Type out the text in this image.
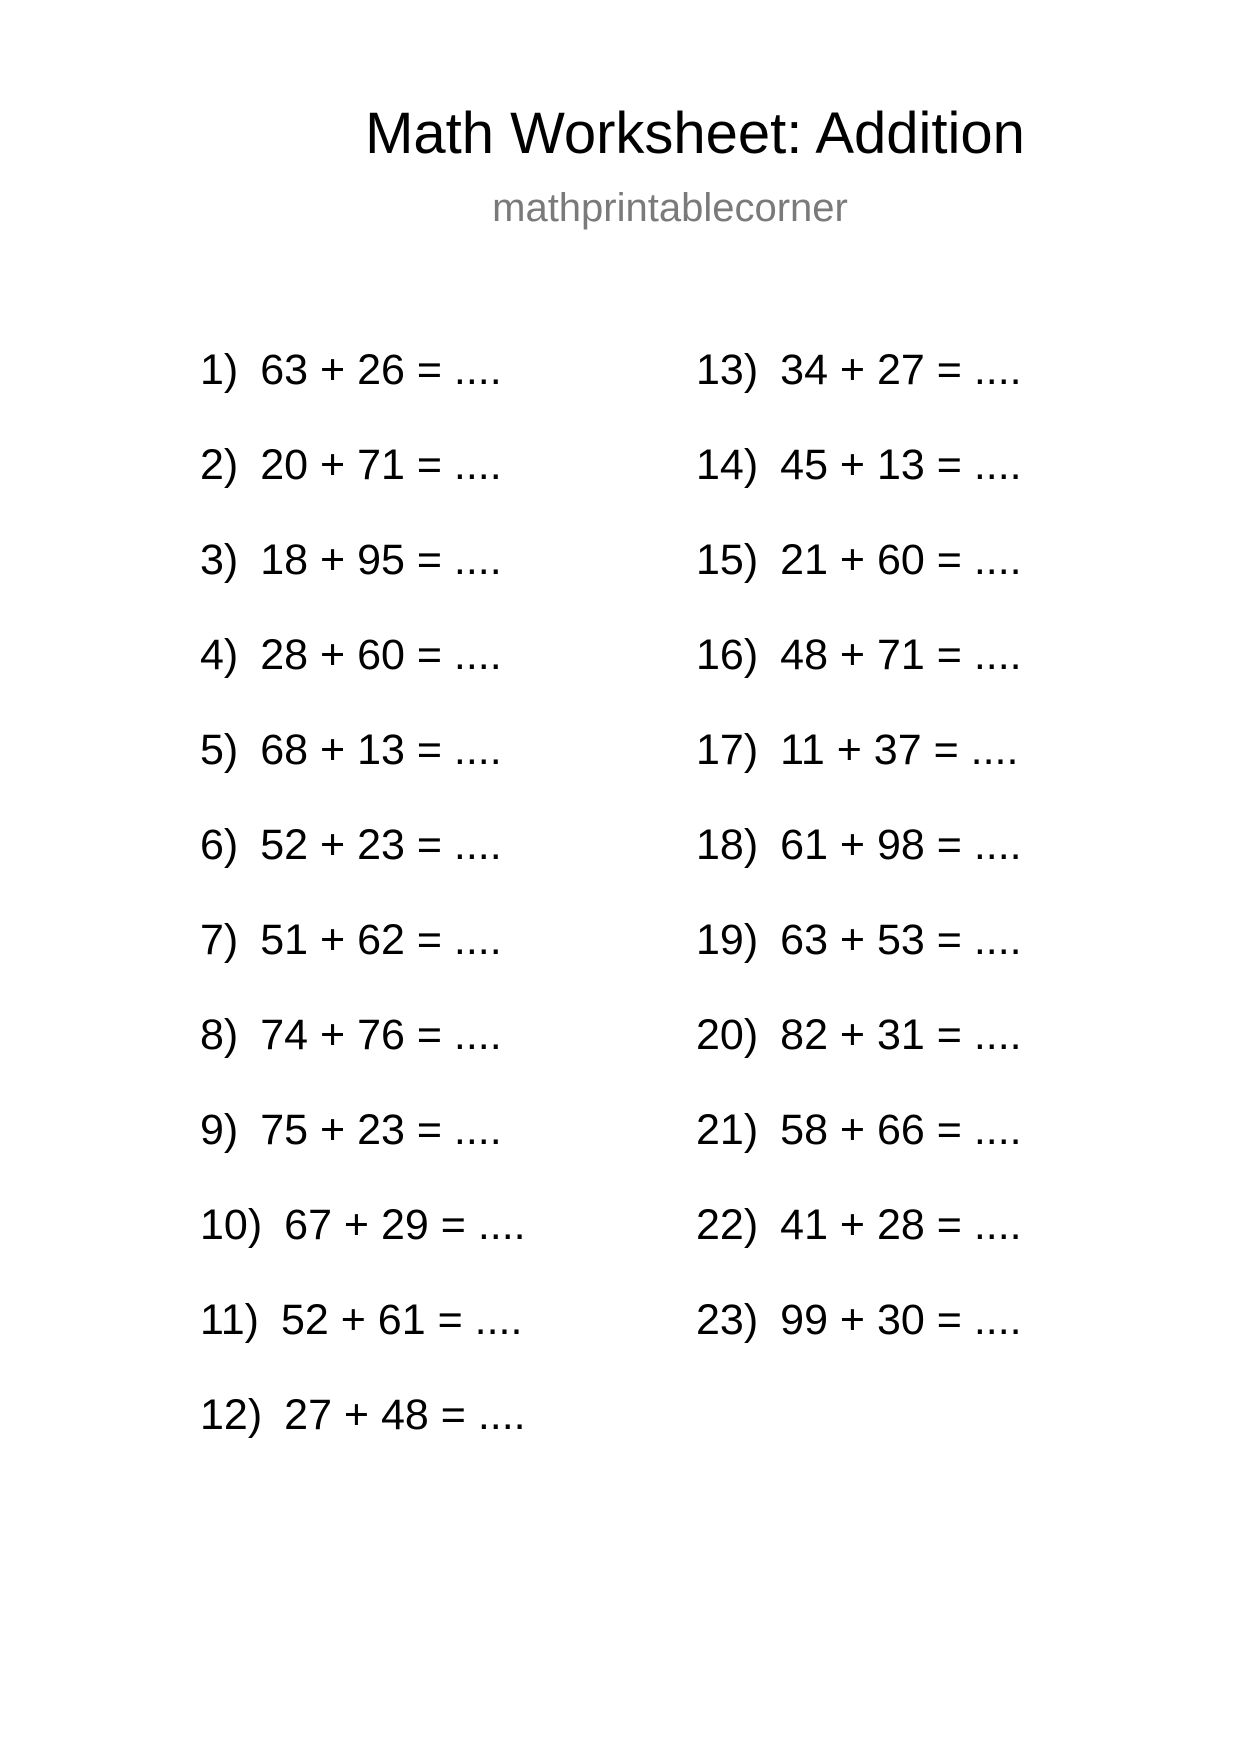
Math Worksheet: Addition
mathprintablecorner
1) 63 + 26 = ....
2) 20 + 71 = ....
3) 18 + 95 = ....
4) 28 + 60 = ....
5) 68 + 13 = ....
6) 52 + 23 = ....
7) 51 + 62 = ....
8) 74 + 76 = ....
9) 75 + 23 = ....
10) 67 + 29 = ....
11) 52 + 61 = ....
12) 27 + 48 = ....
13) 34 + 27 = ....
14) 45 + 13 = ....
15) 21 + 60 = ....
16) 48 + 71 = ....
17) 11 + 37 = ....
18) 61 + 98 = ....
19) 63 + 53 = ....
20) 82 + 31 = ....
21) 58 + 66 = ....
22) 41 + 28 = ....
23) 99 + 30 = ....
